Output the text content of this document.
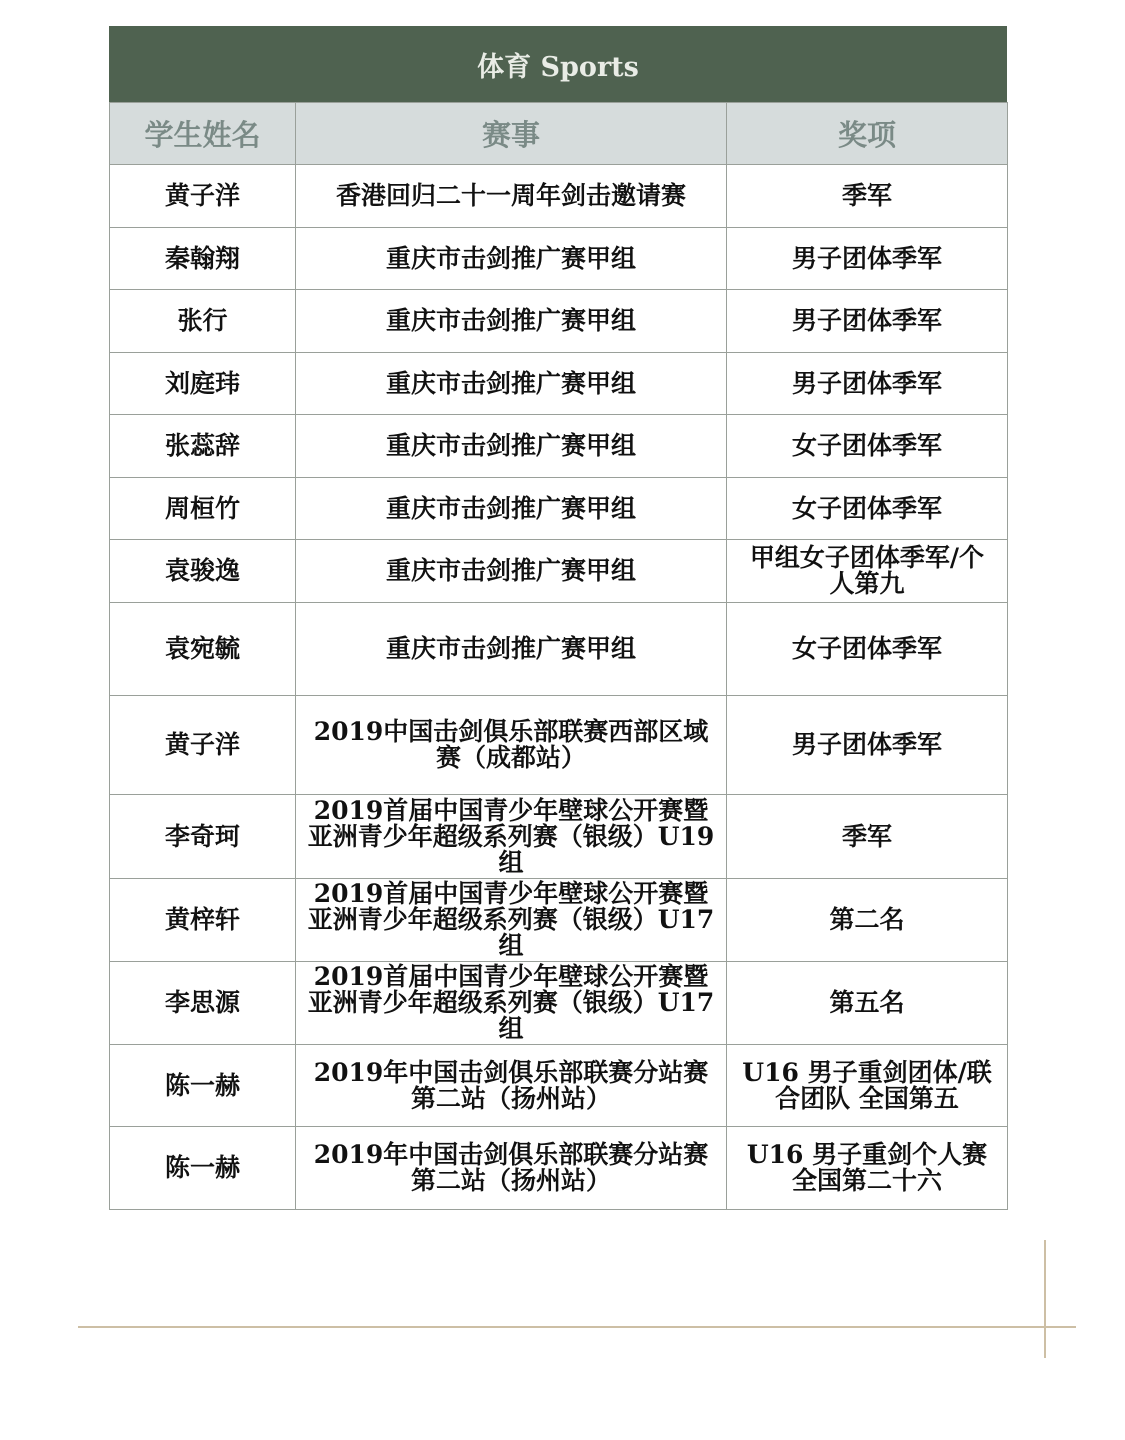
体育 Sports
学生姓名	赛事	奖项
黄子洋	香港回归二十一周年剑击邀请赛	季军
秦翰翔	重庆市击剑推广赛甲组	男子团体季军
张行	重庆市击剑推广赛甲组	男子团体季军
刘庭玮	重庆市击剑推广赛甲组	男子团体季军
张蕊辞	重庆市击剑推广赛甲组	女子团体季军
周桓竹	重庆市击剑推广赛甲组	女子团体季军
袁骏逸	重庆市击剑推广赛甲组	甲组女子团体季军/个人第九
袁宛毓	重庆市击剑推广赛甲组	女子团体季军
黄子洋	2019中国击剑俱乐部联赛西部区域赛（成都站）	男子团体季军
李奇珂	2019首届中国青少年壁球公开赛暨亚洲青少年超级系列赛（银级）U19组	季军
黄梓轩	2019首届中国青少年壁球公开赛暨亚洲青少年超级系列赛（银级）U17组	第二名
李思源	2019首届中国青少年壁球公开赛暨亚洲青少年超级系列赛（银级）U17组	第五名
陈一赫	2019年中国击剑俱乐部联赛分站赛第二站（扬州站）	U16 男子重剑团体/联合团队 全国第五
陈一赫	2019年中国击剑俱乐部联赛分站赛第二站（扬州站）	U16 男子重剑个人赛全国第二十六
